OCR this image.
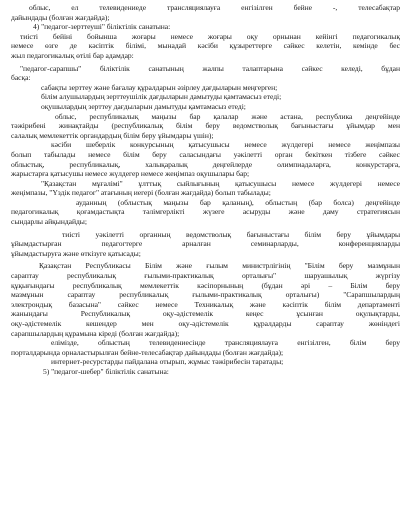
облыс, ел телевидениеде трансляциялауға енгізілген бейне -, телесабақтар
дайындады (болған жағдайда);
4) "педагог-зерттеуші" біліктілік санатына:
тиісті бейіні бойынша жоғары немесе жоғары оқу орнынан кейінгі педагогикалық
немесе өзге де кәсіптік білімі, мынадай кәсіби құзыреттерге сәйкес келетін, кемінде бес
жыл педагогикалық өтілі бар адамдар:
"педагог-сарапшы" біліктілік санатының жалпы талаптарына сәйкес келеді, бұдан
басқа:
сабақты зерттеу және бағалау құралдарын әзірлеу дағдыларын меңгерген;
білім алушылардың зерттеушілік дағдыларын дамытуды қамтамасыз етеді;
оқушылардың зерттеу дағдыларын дамытуды қамтамасыз етеді;
облыс, республикалық маңызы бар қалалар және астана, республика деңгейінде
тәжірибені жинақтайды (республикалық білім беру ведомстволық бағыныстағы ұйымдар мен
салалық мемлекеттік органдардың білім беру ұйымдары үшін);
кәсіби шеберлік конкурсының қатысушысы немесе жүлдегері немесе жеңімпазы
болып табылады немесе білім беру саласындағы уәкілетті орган бекіткен тізбеге сәйкес
облыстық, республикалық, халықаралық деңгейлерде олимпиадаларға, конкурстарға,
жарыстарға қатысушы немесе жүлдегер немесе жеңімпаз оқушылары бар;
"Қазақстан мұғалімі" ұлттық сыйлығының қатысушысы немесе жүлдегері немесе
жеңімпазы, "Үздік педагог" атағының иегері (болған жағдайда) болып табылады;
ауданның (облыстық маңызы бар қаланың), облыстың (бар болса) деңгейінде
педагогикалық қоғамдастықта тәлімгерлікті жүзеге асыруды және даму стратегиясын
сындарлы айқындайды;
тиісті уәкілетті органның ведомстволық бағыныстағы білім беру ұйымдары
ұйымдастырған педагогтерге арналған семинарларды, конференцияларды
ұйымдастыруға және өткізуге қатысады;
Қазақстан Республикасы Білім және ғылым министрлігінің "Білім беру мазмұнын
сараптау республикалық ғылыми-практикалық орталығы" шаруашылық жүргізу
құқығындағы республикалық мемлекеттік кәсіпорнының (бұдан әрі – Білім беру
мазмұнын сараптау республикалық ғылыми-практикалық орталығы) "Сарапшылардың
электрондық базасына" сәйкес немесе Техникалық және кәсіптік білім департаменті
жанындағы Республикалық оқу-әдістемелік кеңес ұсынған оқулықтарды,
оқу-әдістемелік кешендер мен оқу-әдістемелік құралдарды сараптау жөніндегі
сарапшылардың құрамына кіреді (болған жағдайда);
елімізде, облыстың телевидениесінде трансляциялауға енгізілген, білім беру
порталдарында орналастырылған бейне-телесабақтар дайындады (болған жағдайда);
интернет-ресурстарды пайдалана отырып, жұмыс тәжірибесін таратады;
5) "педагог-шебер" біліктілік санатына:
